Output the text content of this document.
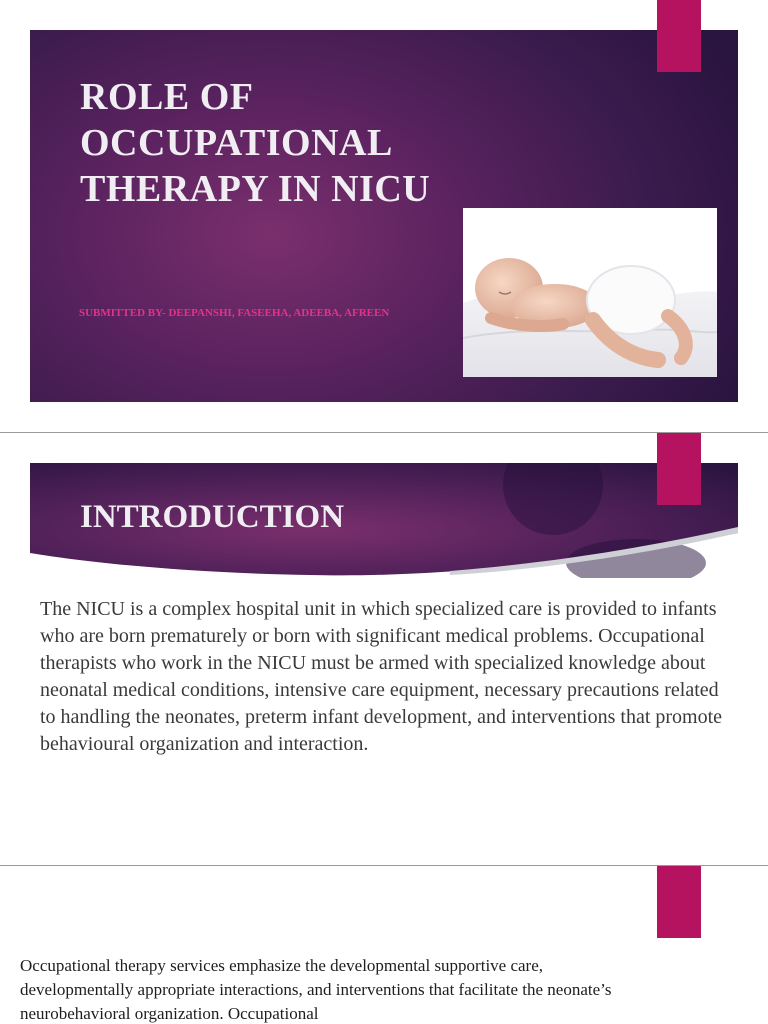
ROLE OF OCCUPATIONAL THERAPY IN NICU
SUBMITTED BY- DEEPANSHI, FASEEHA, ADEEBA, AFREEN
INTRODUCTION
The NICU is a complex hospital unit in which specialized care is provided to infants who are born prematurely or born with significant medical problems. Occupational therapists who work in the NICU must be armed with specialized knowledge about neonatal medical conditions, intensive care equipment, necessary precautions related to handling the neonates, preterm infant development, and interventions that promote behavioural organization and interaction.
Occupational therapy services emphasize the developmental supportive care, developmentally appropriate interactions, and interventions that facilitate the neonate’s neurobehavioral organization. Occupational
